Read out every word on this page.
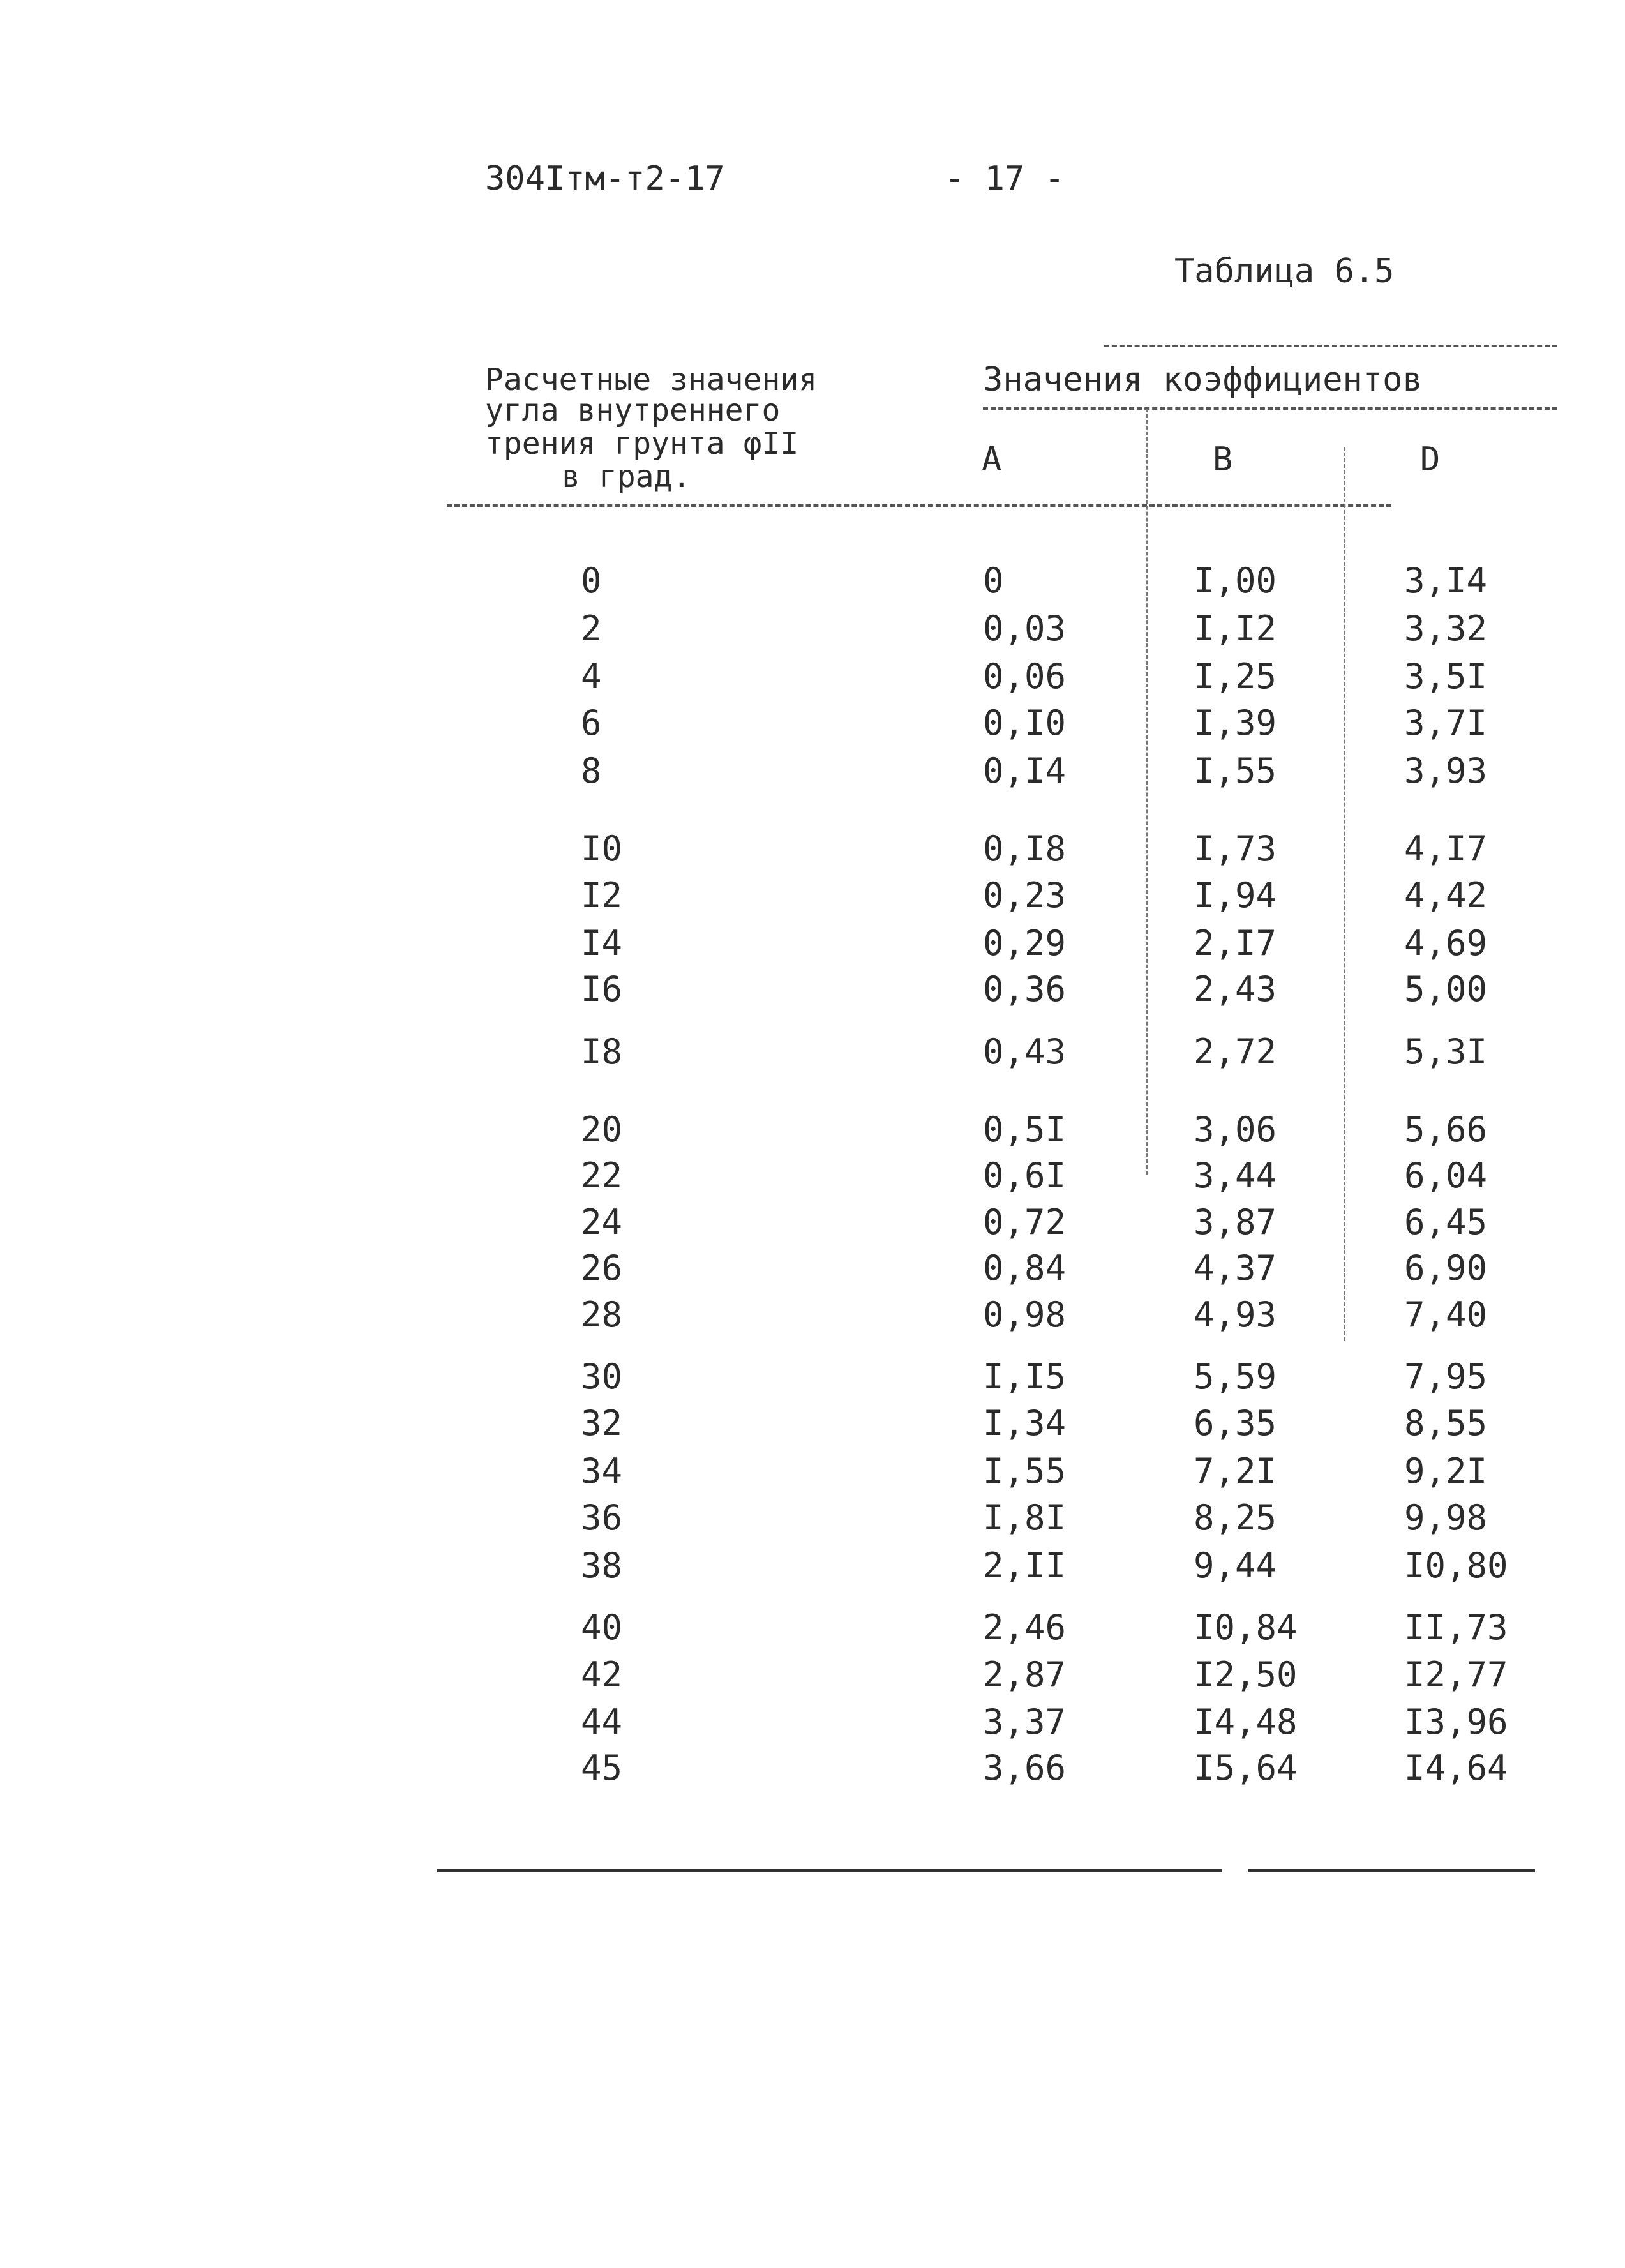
304Iтм-т2-17	- 17 -
Таблица 6.5
Расчетные значения
угла внутреннего
трения грунта φII
в град.
Значения коэффициентов
A	B	D
0	0	I,00	3,I4
2	0,03	I,I2	3,32
4	0,06	I,25	3,5I
6	0,I0	I,39	3,7I
8	0,I4	I,55	3,93
I0	0,I8	I,73	4,I7
I2	0,23	I,94	4,42
I4	0,29	2,I7	4,69
I6	0,36	2,43	5,00
I8	0,43	2,72	5,3I
20	0,5I	3,06	5,66
22	0,6I	3,44	6,04
24	0,72	3,87	6,45
26	0,84	4,37	6,90
28	0,98	4,93	7,40
30	I,I5	5,59	7,95
32	I,34	6,35	8,55
34	I,55	7,2I	9,2I
36	I,8I	8,25	9,98
38	2,II	9,44	I0,80
40	2,46	I0,84	II,73
42	2,87	I2,50	I2,77
44	3,37	I4,48	I3,96
45	3,66	I5,64	I4,64
